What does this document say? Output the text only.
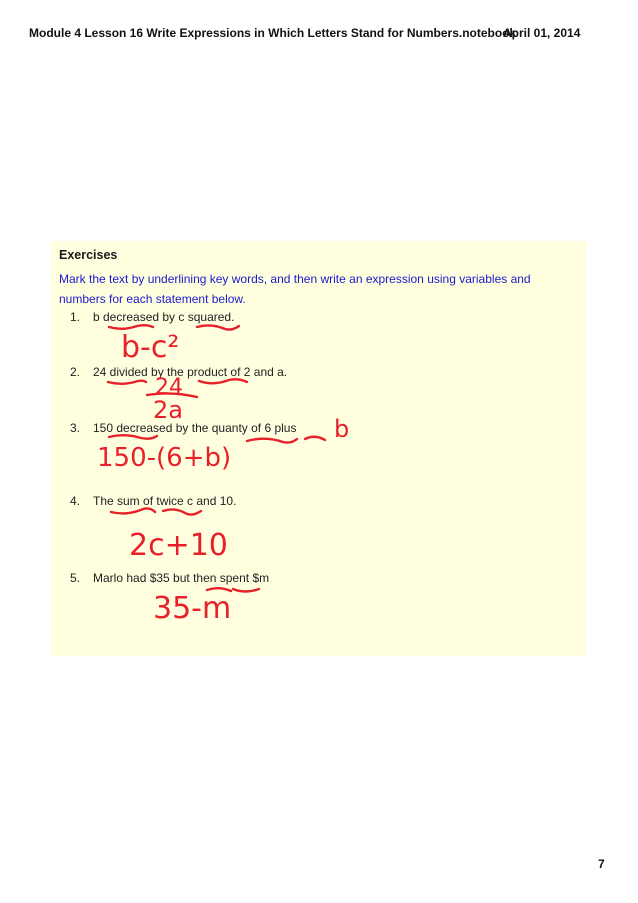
Module 4 Lesson 16 Write Expressions in Which Letters Stand for Numbers.notebook
April 01, 2014
Exercises
Mark the text by underlining key words, and then write an expression using variables and numbers for each statement below.
1. b decreased by c squared.
2. 24 divided by the product of 2 and a.
3. 150 decreased by the quanty of 6 plus
4. The sum of twice c and 10.
5. Marlo had $35 but then spent $m
b-c²
24
2a
b
150-(6+b)
2c+10
35-m
7
